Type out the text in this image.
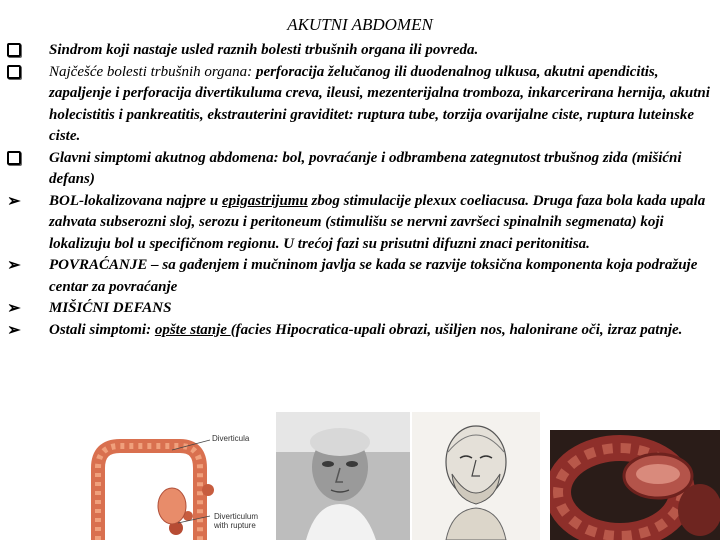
AKUTNI ABDOMEN
Sindrom koji nastaje usled raznih bolesti trbušnih organa ili povreda.
Najčešće bolesti trbušnih organa: perforacija želučanog ili duodenalnog ulkusa, akutni apendicitis, zapaljenje i perforacija divertikuluma creva, ileusi, mezenterijalna tromboza, inkarcerirana hernija, akutni holecistitis i pankreatitis, ekstrauterini graviditet: ruptura tube, torzija ovarijalne ciste, ruptura luteinske ciste.
Glavni simptomi akutnog abdomena: bol, povraćanje i odbrambena zategnutost trbušnog zida (mišićni defans)
➢ BOL-lokalizovana najpre u epigastrijumu zbog stimulacije plexux coeliacusa. Druga faza bola kada upala zahvata subserozni sloj, serozu i peritoneum (stimulišu se nervni završeci spinalnih segmenata) koji lokalizuju bol u specifičnom regionu. U trećoj fazi su prisutni difuzni znaci peritonitisa.
➢ POVRAĆANJE – sa gađenjem i mučninom javlja se kada se razvije toksična komponenta koja podražuje centar za povraćanje
➢ MIŠIĆNI DEFANS
➢ Ostali simptomi: opšte stanje (facies Hipocratica-upali obrazi, ušiljen nos, halonirane oči, izraz patnje.
Diverticula
Diverticulum with rupture
